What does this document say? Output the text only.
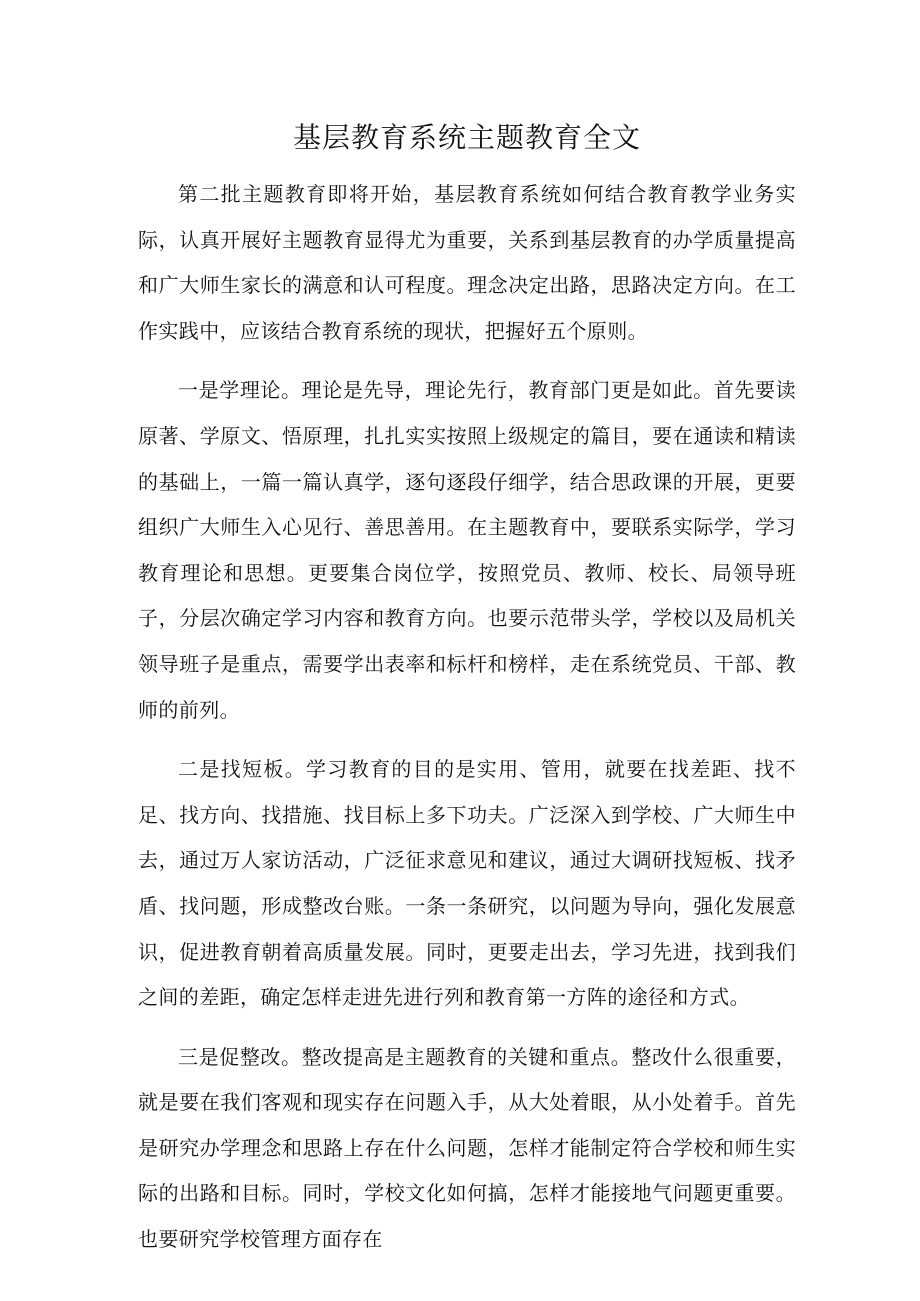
基层教育系统主题教育全文

第二批主题教育即将开始，基层教育系统如何结合教育教学业务实际，认真开展好主题教育显得尤为重要，关系到基层教育的办学质量提高和广大师生家长的满意和认可程度。理念决定出路，思路决定方向。在工作实践中，应该结合教育系统的现状，把握好五个原则。

一是学理论。理论是先导，理论先行，教育部门更是如此。首先要读原著、学原文、悟原理，扎扎实实按照上级规定的篇目，要在通读和精读的基础上，一篇一篇认真学，逐句逐段仔细学，结合思政课的开展，更要组织广大师生入心见行、善思善用。在主题教育中，要联系实际学，学习教育理论和思想。更要集合岗位学，按照党员、教师、校长、局领导班子，分层次确定学习内容和教育方向。也要示范带头学，学校以及局机关领导班子是重点，需要学出表率和标杆和榜样，走在系统党员、干部、教师的前列。

二是找短板。学习教育的目的是实用、管用，就要在找差距、找不足、找方向、找措施、找目标上多下功夫。广泛深入到学校、广大师生中去，通过万人家访活动，广泛征求意见和建议，通过大调研找短板、找矛盾、找问题，形成整改台账。一条一条研究，以问题为导向，强化发展意识，促进教育朝着高质量发展。同时，更要走出去，学习先进，找到我们之间的差距，确定怎样走进先进行列和教育第一方阵的途径和方式。

三是促整改。整改提高是主题教育的关键和重点。整改什么很重要，就是要在我们客观和现实存在问题入手，从大处着眼，从小处着手。首先是研究办学理念和思路上存在什么问题，怎样才能制定符合学校和师生实际的出路和目标。同时，学校文化如何搞，怎样才能接地气问题更重要。也要研究学校管理方面存在
